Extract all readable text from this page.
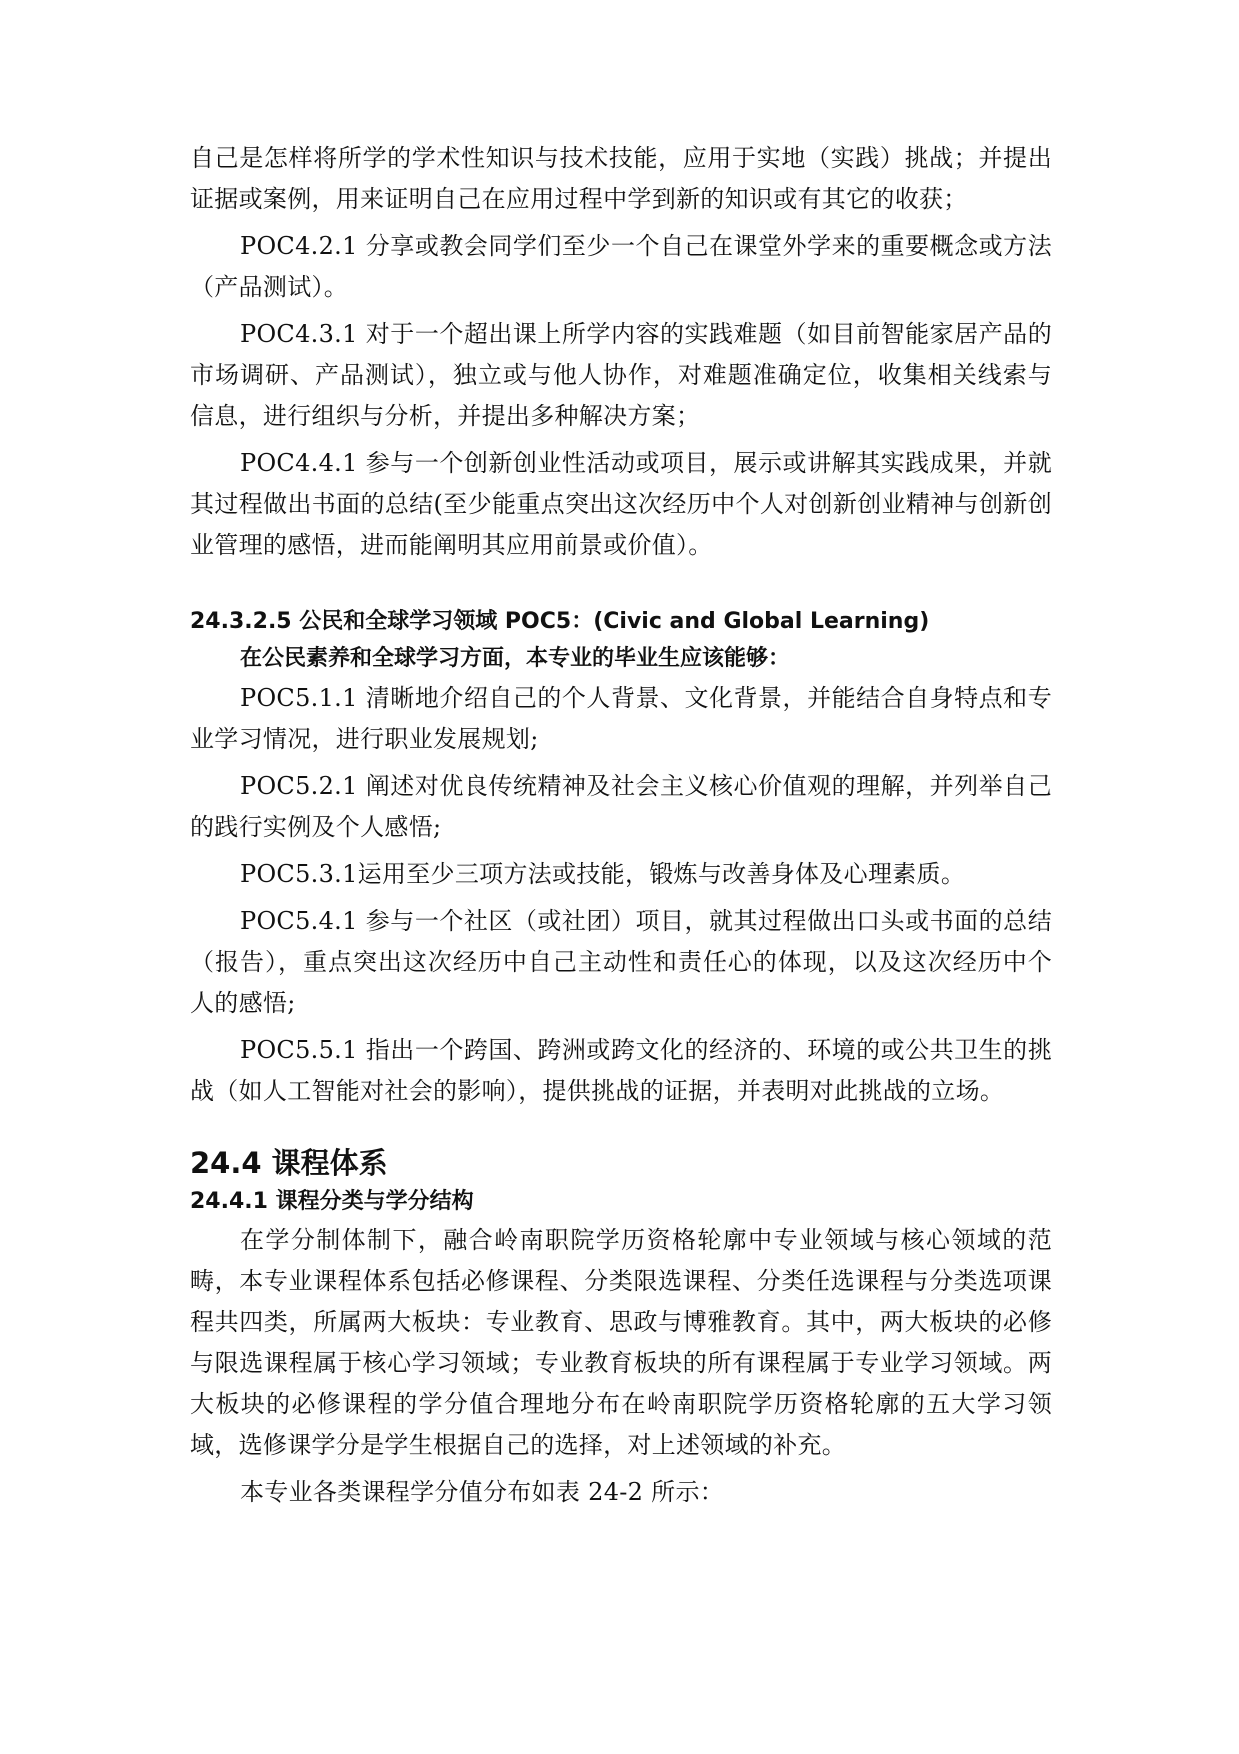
自己是怎样将所学的学术性知识与技术技能，应用于实地（实践）挑战；并提出证据或案例，用来证明自己在应用过程中学到新的知识或有其它的收获；

POC4.2.1 分享或教会同学们至少一个自己在课堂外学来的重要概念或方法（产品测试）。

POC4.3.1 对于一个超出课上所学内容的实践难题（如目前智能家居产品的市场调研、产品测试），独立或与他人协作，对难题准确定位，收集相关线索与信息，进行组织与分析，并提出多种解决方案；

POC4.4.1 参与一个创新创业性活动或项目，展示或讲解其实践成果，并就其过程做出书面的总结(至少能重点突出这次经历中个人对创新创业精神与创新创业管理的感悟，进而能阐明其应用前景或价值）。

24.3.2.5 公民和全球学习领域 POC5：(Civic and Global Learning)
在公民素养和全球学习方面，本专业的毕业生应该能够：

POC5.1.1 清晰地介绍自己的个人背景、文化背景，并能结合自身特点和专业学习情况，进行职业发展规划;

POC5.2.1 阐述对优良传统精神及社会主义核心价值观的理解，并列举自己的践行实例及个人感悟;

POC5.3.1运用至少三项方法或技能，锻炼与改善身体及心理素质。

POC5.4.1 参与一个社区（或社团）项目，就其过程做出口头或书面的总结（报告），重点突出这次经历中自己主动性和责任心的体现，以及这次经历中个人的感悟;

POC5.5.1 指出一个跨国、跨洲或跨文化的经济的、环境的或公共卫生的挑战（如人工智能对社会的影响），提供挑战的证据，并表明对此挑战的立场。

24.4 课程体系
24.4.1 课程分类与学分结构

在学分制体制下，融合岭南职院学历资格轮廓中专业领域与核心领域的范畴，本专业课程体系包括必修课程、分类限选课程、分类任选课程与分类选项课程共四类，所属两大板块：专业教育、思政与博雅教育。其中，两大板块的必修与限选课程属于核心学习领域；专业教育板块的所有课程属于专业学习领域。两大板块的必修课程的学分值合理地分布在岭南职院学历资格轮廓的五大学习领域，选修课学分是学生根据自己的选择，对上述领域的补充。

本专业各类课程学分值分布如表 24-2 所示：
